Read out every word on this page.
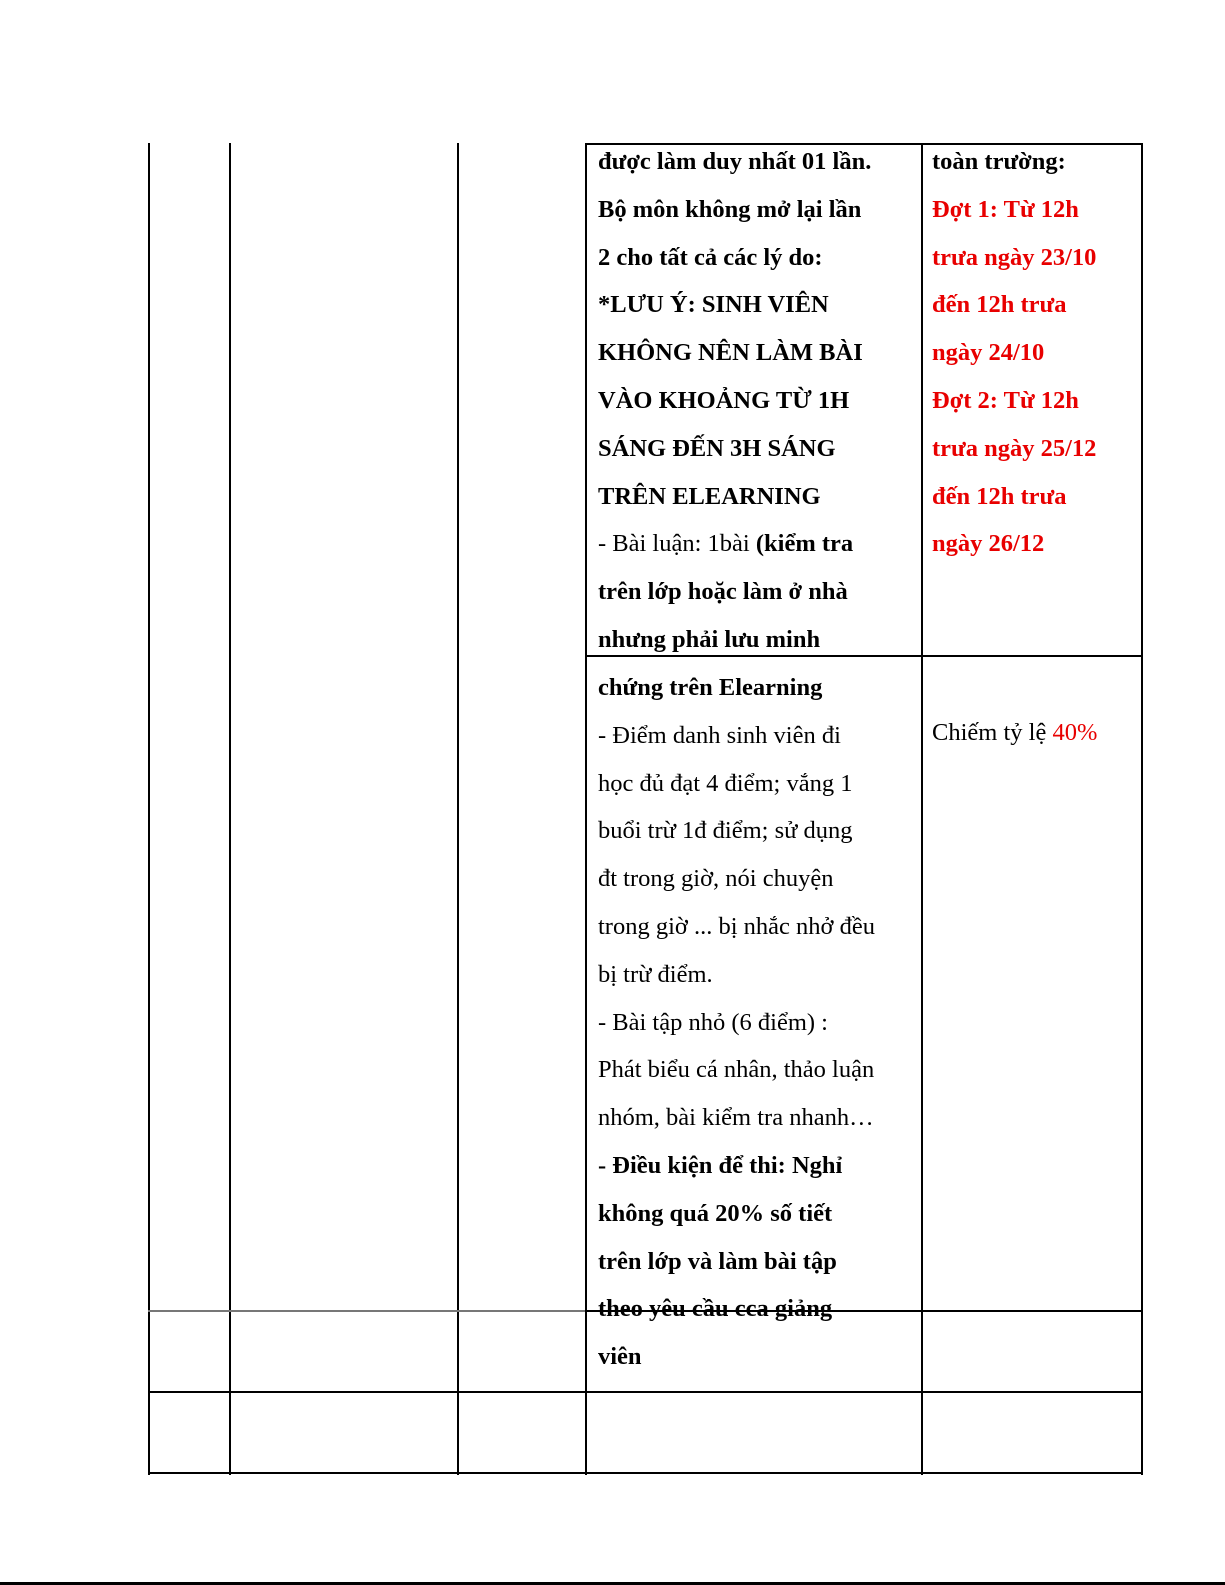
được làm duy nhất 01 lần.

Bộ môn không mở lại lần

2 cho tất cả các lý do:

*LƯU Ý: SINH VIÊN

KHÔNG NÊN LÀM BÀI

VÀO KHOẢNG TỪ 1H

SÁNG ĐẾN 3H SÁNG

TRÊN ELEARNING

- Bài luận: 1bài (kiểm tra

trên lớp hoặc làm ở nhà

nhưng phải lưu minh

toàn trường:

Đợt 1: Từ 12h

trưa ngày 23/10

đến 12h trưa

ngày 24/10

Đợt 2: Từ 12h

trưa ngày 25/12

đến 12h trưa

ngày 26/12

chứng trên Elearning

- Điểm danh sinh viên đi

học đủ đạt 4 điểm; vắng 1

buổi trừ 1đ điểm; sử dụng

đt trong giờ, nói chuyện

trong giờ ... bị nhắc nhở đều

bị trừ điểm.

- Bài tập nhỏ (6 điểm) :

Phát biểu cá nhân, thảo luận

nhóm, bài kiểm tra nhanh…

- Điều kiện để thi: Nghỉ

không quá 20% số tiết

trên lớp và làm bài tập

theo yêu cầu cca giảng

viên

Chiếm tỷ lệ 40%
